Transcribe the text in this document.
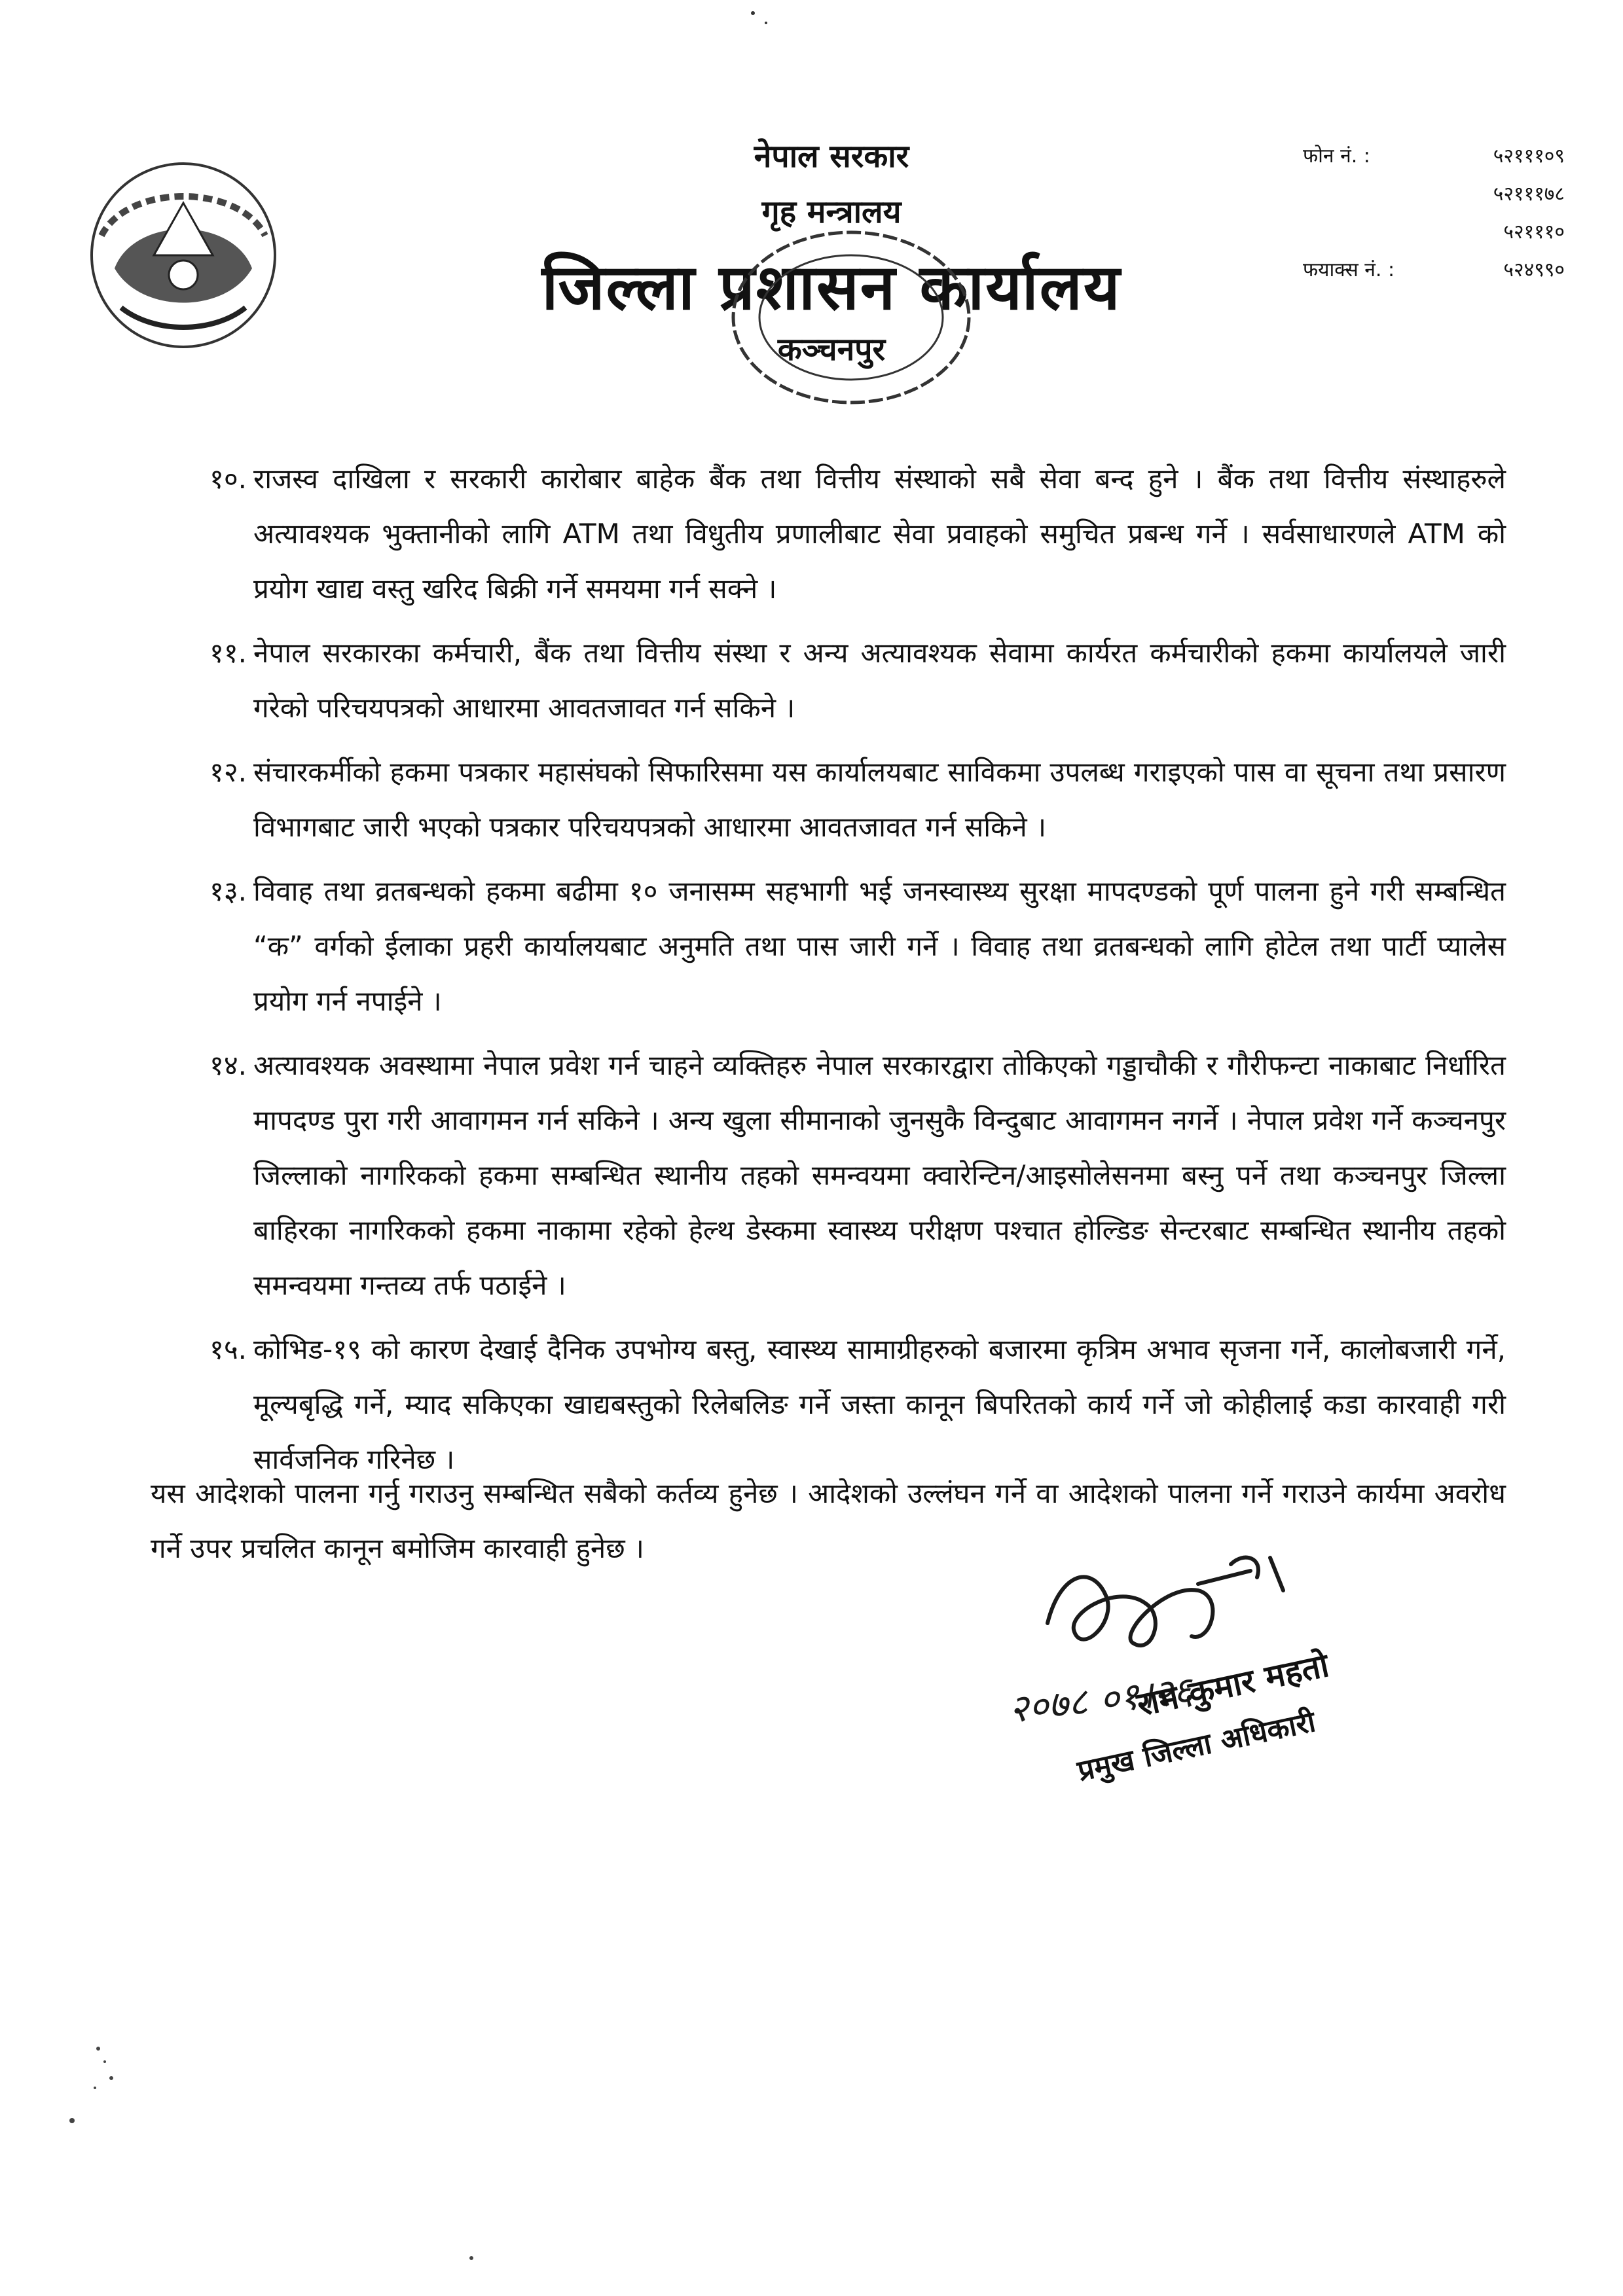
नेपाल सरकार
गृह मन्त्रालय
जिल्ला प्रशासन कार्यालय
कञ्चनपुर
फोन नं. :	५२१११०९
५२१११७८
५२१११०
फयाक्स नं. :	५२४९९०
१०. राजस्व दाखिला र सरकारी कारोबार बाहेक बैंक तथा वित्तीय संस्थाको सबै सेवा बन्द हुने । बैंक तथा वित्तीय संस्थाहरुले अत्यावश्यक भुक्तानीको लागि ATM तथा विधुतीय प्रणालीबाट सेवा प्रवाहको समुचित प्रबन्ध गर्ने । सर्वसाधारणले ATM को प्रयोग खाद्य वस्तु खरिद बिक्री गर्ने समयमा गर्न सक्ने ।
११. नेपाल सरकारका कर्मचारी, बैंक तथा वित्तीय संस्था र अन्य अत्यावश्यक सेवामा कार्यरत कर्मचारीको हकमा कार्यालयले जारी गरेको परिचयपत्रको आधारमा आवतजावत गर्न सकिने ।
१२. संचारकर्मीको हकमा पत्रकार महासंघको सिफारिसमा यस कार्यालयबाट साविकमा उपलब्ध गराइएको पास वा सूचना तथा प्रसारण विभागबाट जारी भएको पत्रकार परिचयपत्रको आधारमा आवतजावत गर्न सकिने ।
१३. विवाह तथा व्रतबन्धको हकमा बढीमा १० जनासम्म सहभागी भई जनस्वास्थ्य सुरक्षा मापदण्डको पूर्ण पालना हुने गरी सम्बन्धित “क” वर्गको ईलाका प्रहरी कार्यालयबाट अनुमति तथा पास जारी गर्ने । विवाह तथा व्रतबन्धको लागि होटेल तथा पार्टी प्यालेस प्रयोग गर्न नपाईने ।
१४. अत्यावश्यक अवस्थामा नेपाल प्रवेश गर्न चाहने व्यक्तिहरु नेपाल सरकारद्वारा तोकिएको गड्डाचौकी र गौरीफन्टा नाकाबाट निर्धारित मापदण्ड पुरा गरी आवागमन गर्न सकिने । अन्य खुला सीमानाको जुनसुकै विन्दुबाट आवागमन नगर्ने । नेपाल प्रवेश गर्ने कञ्चनपुर जिल्लाको नागरिकको हकमा सम्बन्धित स्थानीय तहको समन्वयमा क्वारेन्टिन/आइसोलेसनमा बस्नु पर्ने तथा कञ्चनपुर जिल्ला बाहिरका नागरिकको हकमा नाकामा रहेको हेल्थ डेस्कमा स्वास्थ्य परीक्षण पश्चात होल्डिङ सेन्टरबाट सम्बन्धित स्थानीय तहको समन्वयमा गन्तव्य तर्फ पठाईने ।
१५. कोभिड-१९ को कारण देखाई दैनिक उपभोग्य बस्तु, स्वास्थ्य सामाग्रीहरुको बजारमा कृत्रिम अभाव सृजना गर्ने, कालोबजारी गर्ने, मूल्यबृद्धि गर्ने, म्याद सकिएका खाद्यबस्तुको रिलेबलिङ गर्ने जस्ता कानून बिपरितको कार्य गर्ने जो कोहीलाई कडा कारवाही गरी सार्वजनिक गरिनेछ ।
यस आदेशको पालना गर्नु गराउनु सम्बन्धित सबैको कर्तव्य हुनेछ । आदेशको उल्लंघन गर्ने वा आदेशको पालना गर्ने गराउने कार्यमा अवरोध गर्ने उपर प्रचलित कानून बमोजिम कारवाही हुनेछ ।
२०७८ ०१।२६
राम कुमार महतो
प्रमुख जिल्ला अधिकारी
